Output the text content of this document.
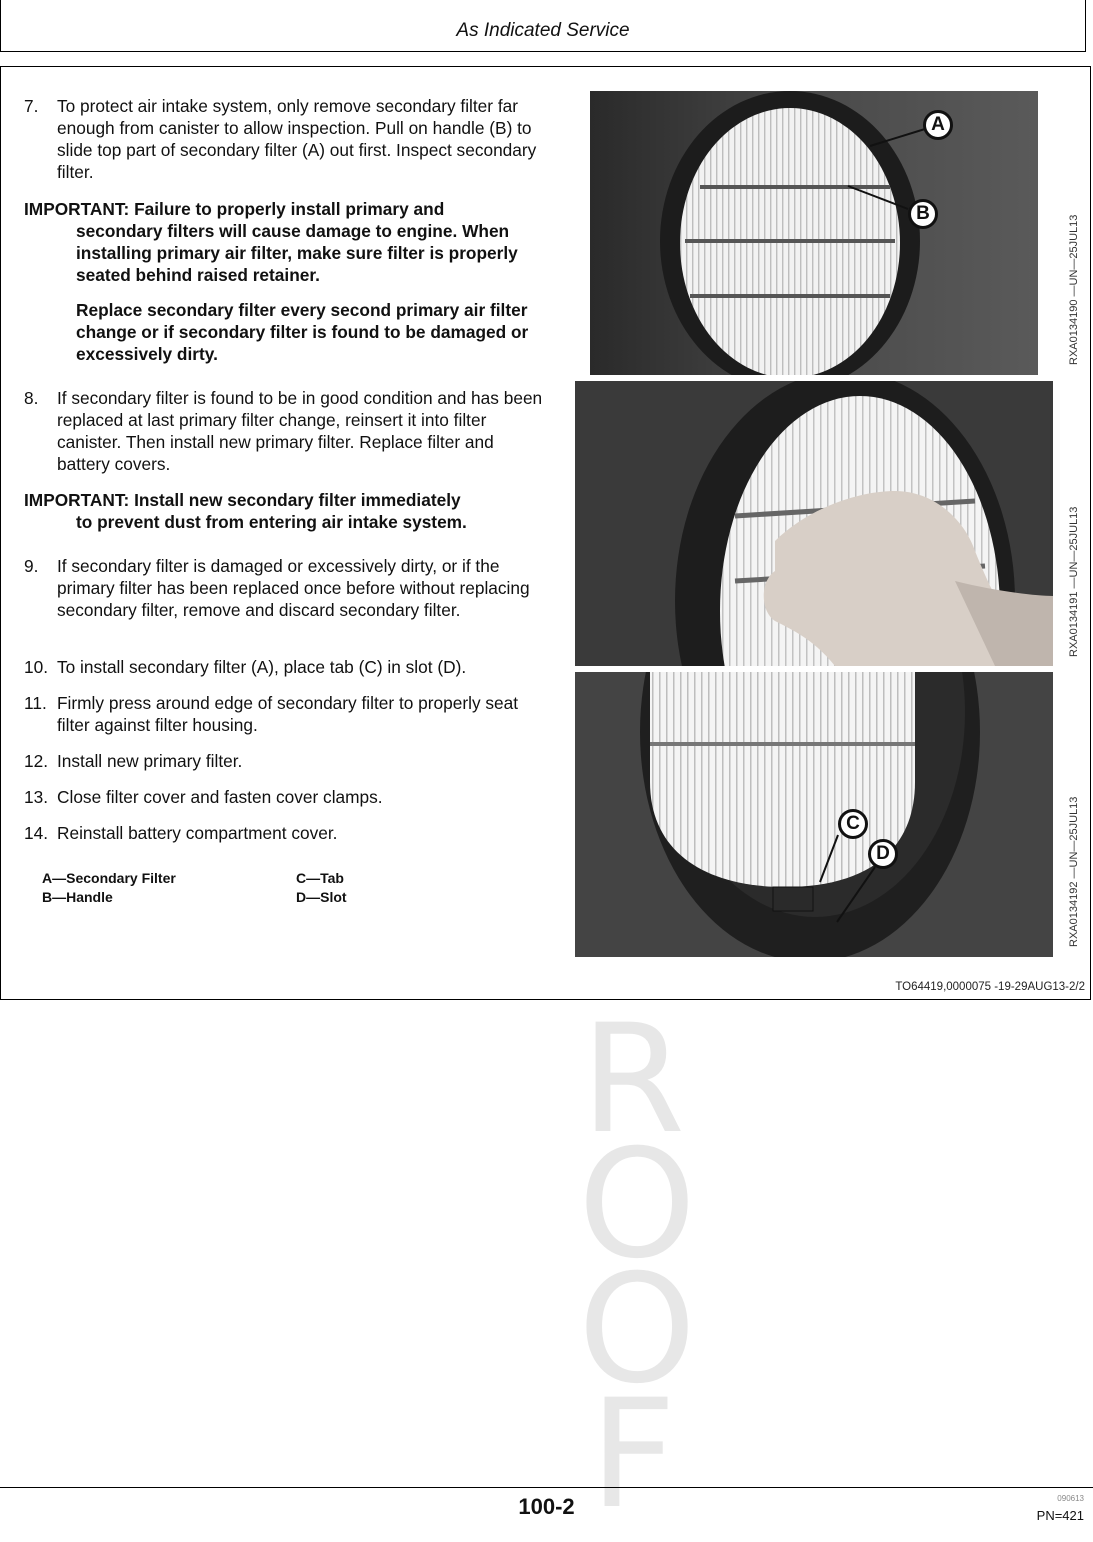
As Indicated Service
R
O
O
F
7. To protect air intake system, only remove secondary filter far enough from canister to allow inspection. Pull on handle (B) to slide top part of secondary filter (A) out first. Inspect secondary filter.
IMPORTANT: Failure to properly install primary and
secondary filters will cause damage to engine. When installing primary air filter, make sure filter is properly seated behind raised retainer.
Replace secondary filter every second primary air filter change or if secondary filter is found to be damaged or excessively dirty.
8. If secondary filter is found to be in good condition and has been replaced at last primary filter change, reinsert it into filter canister. Then install new primary filter. Replace filter and battery covers.
IMPORTANT: Install new secondary filter immediately
to prevent dust from entering air intake system.
9. If secondary filter is damaged or excessively dirty, or if the primary filter has been replaced once before without replacing secondary filter, remove and discard secondary filter.
10. To install secondary filter (A), place tab (C) in slot (D).
11. Firmly press around edge of secondary filter to properly seat filter against filter housing.
12. Install new primary filter.
13. Close filter cover and fasten cover clamps.
14. Reinstall battery compartment cover.
A—Secondary Filter
B—Handle
C—Tab
D—Slot
A
B
C
D
RXA0134190 —UN—25JUL13
RXA0134191 —UN—25JUL13
RXA0134192 —UN—25JUL13
TO64419,0000075 -19-29AUG13-2/2
100-2	090613
PN=421
